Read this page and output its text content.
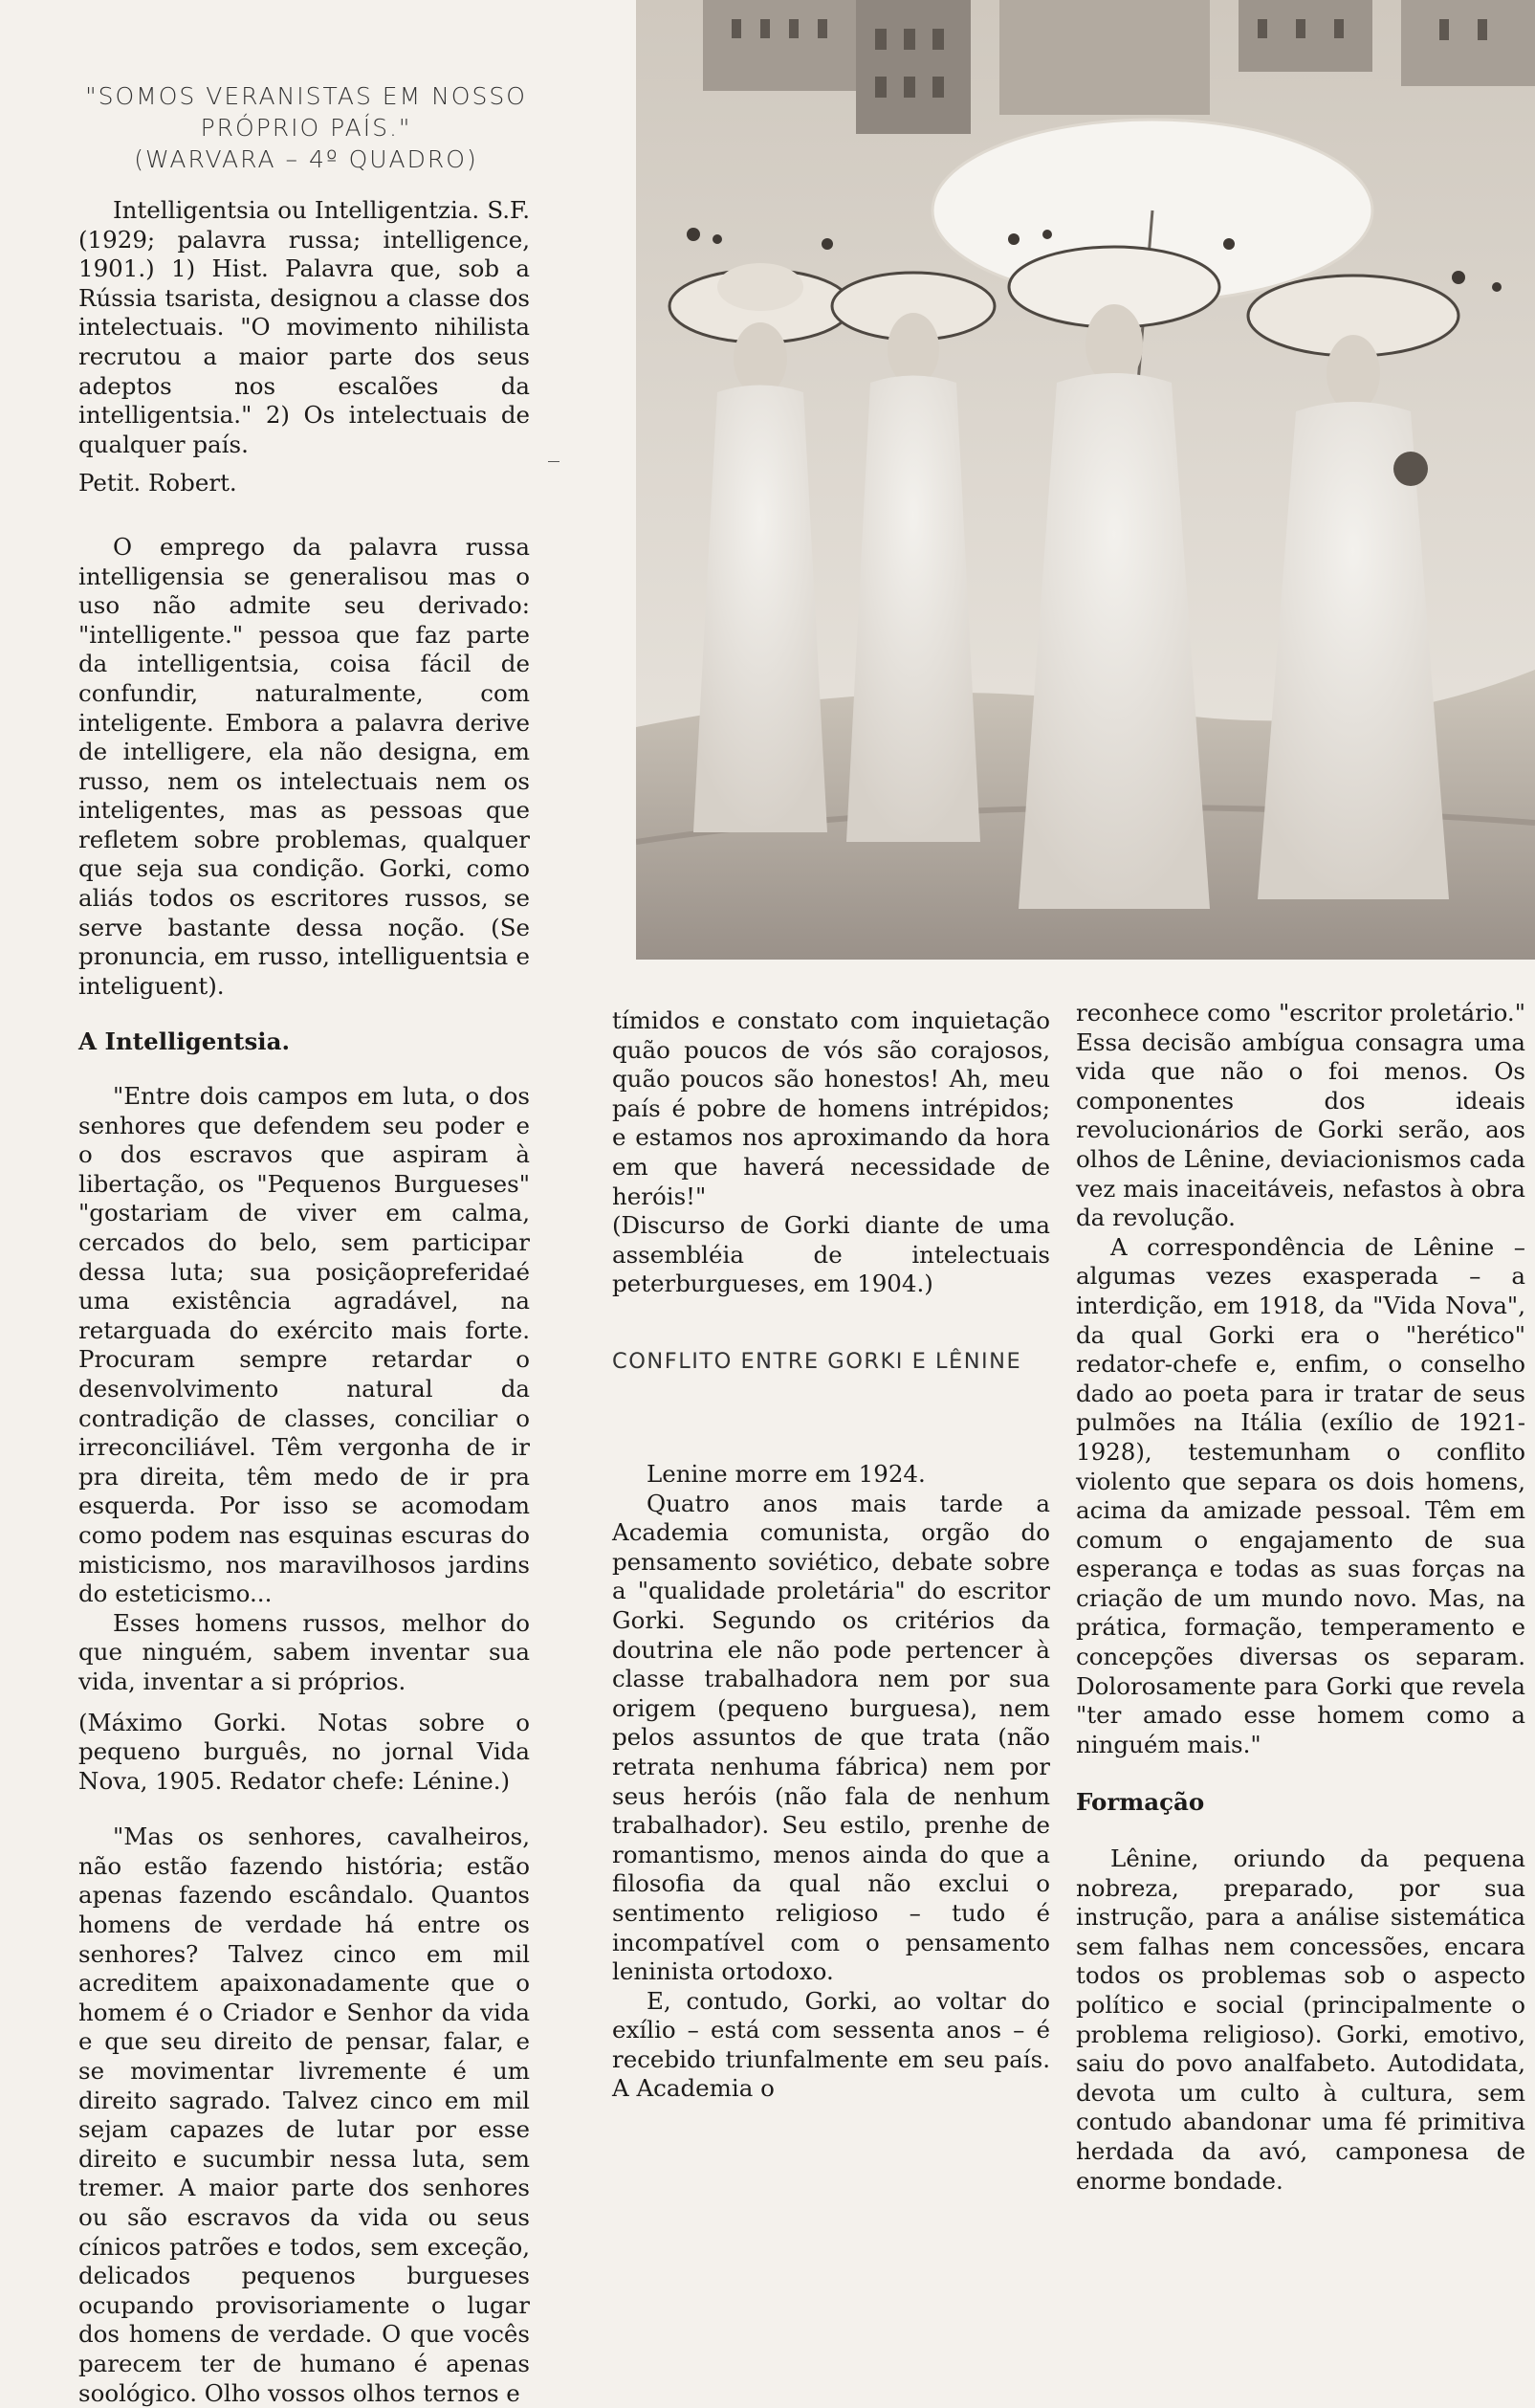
"SOMOS VERANISTAS EM NOSSO
PRÓPRIO PAÍS."
(WARVARA – 4º QUADRO)

Intelligentsia ou Intelligentzia. S.F. (1929; palavra russa; intelligence, 1901.) 1) Hist. Palavra que, sob a Rússia tsarista, designou a classe dos intelectuais. "O movimento nihilista recrutou a maior parte dos seus adeptos nos escalões da intelligentsia." 2) Os intelectuais de qualquer país.

Petit. Robert.

O emprego da palavra russa intelligensia se generalisou mas o uso não admite seu derivado: "intelligente." pessoa que faz parte da intelligentsia, coisa fácil de confundir, naturalmente, com inteligente. Embora a palavra derive de intelligere, ela não designa, em russo, nem os intelectuais nem os inteligentes, mas as pessoas que refletem sobre problemas, qualquer que seja sua condição. Gorki, como aliás todos os escritores russos, se serve bastante dessa noção. (Se pronuncia, em russo, intelliguentsia e inteliguent).

A Intelligentsia.

"Entre dois campos em luta, o dos senhores que defendem seu poder e o dos escravos que aspiram à libertação, os "Pequenos Burgueses" "gostariam de viver em calma, cercados do belo, sem participar dessa luta; sua posiçãopreferidaé uma existência agradável, na retarguada do exército mais forte. Procuram sempre retardar o desenvolvimento natural da contradição de classes, conciliar o irreconciliável. Têm vergonha de ir pra direita, têm medo de ir pra esquerda. Por isso se acomodam como podem nas esquinas escuras do misticismo, nos maravilhosos jardins do esteticismo...

Esses homens russos, melhor do que ninguém, sabem inventar sua vida, inventar a si próprios.

(Máximo Gorki. Notas sobre o pequeno burguês, no jornal Vida Nova, 1905. Redator chefe: Lénine.)

"Mas os senhores, cavalheiros, não estão fazendo história; estão apenas fazendo escândalo. Quantos homens de verdade há entre os senhores? Talvez cinco em mil acreditem apaixonadamente que o homem é o Criador e Senhor da vida e que seu direito de pensar, falar, e se movimentar livremente é um direito sagrado. Talvez cinco em mil sejam capazes de lutar por esse direito e sucumbir nessa luta, sem tremer. A maior parte dos senhores ou são escravos da vida ou seus cínicos patrões e todos, sem exceção, delicados pequenos burgueses ocupando provisoriamente o lugar dos homens de verdade. O que vocês parecem ter de humano é apenas soológico. Olho vossos olhos ternos e

tímidos e constato com inquietação quão poucos de vós são corajosos, quão poucos são honestos! Ah, meu país é pobre de homens intrépidos; e estamos nos aproximando da hora em que haverá necessidade de heróis!"

(Discurso de Gorki diante de uma assembléia de intelectuais peterburgueses, em 1904.)

CONFLITO ENTRE GORKI E LÊNINE

Lenine morre em 1924.

Quatro anos mais tarde a Academia comunista, orgão do pensamento soviético, debate sobre a "qualidade proletária" do escritor Gorki. Segundo os critérios da doutrina ele não pode pertencer à classe trabalhadora nem por sua origem (pequeno burguesa), nem pelos assuntos de que trata (não retrata nenhuma fábrica) nem por seus heróis (não fala de nenhum trabalhador). Seu estilo, prenhe de romantismo, menos ainda do que a filosofia da qual não exclui o sentimento religioso – tudo é incompatível com o pensamento leninista ortodoxo.

E, contudo, Gorki, ao voltar do exílio – está com sessenta anos – é recebido triunfalmente em seu país. A Academia o

reconhece como "escritor proletário." Essa decisão ambígua consagra uma vida que não o foi menos. Os componentes dos ideais revolucionários de Gorki serão, aos olhos de Lênine, deviacionismos cada vez mais inaceitáveis, nefastos à obra da revolução.

A correspondência de Lênine – algumas vezes exasperada – a interdição, em 1918, da "Vida Nova", da qual Gorki era o "herético" redator-chefe e, enfim, o conselho dado ao poeta para ir tratar de seus pulmões na Itália (exílio de 1921-1928), testemunham o conflito violento que separa os dois homens, acima da amizade pessoal. Têm em comum o engajamento de sua esperança e todas as suas forças na criação de um mundo novo. Mas, na prática, formação, temperamento e concepções diversas os separam. Dolorosamente para Gorki que revela "ter amado esse homem como a ninguém mais."

Formação

Lênine, oriundo da pequena nobreza, preparado, por sua instrução, para a análise sistemática sem falhas nem concessões, encara todos os problemas sob o aspecto político e social (principalmente o problema religioso). Gorki, emotivo, saiu do povo analfabeto. Autodidata, devota um culto à cultura, sem contudo abandonar uma fé primitiva herdada da avó, camponesa de enorme bondade.
